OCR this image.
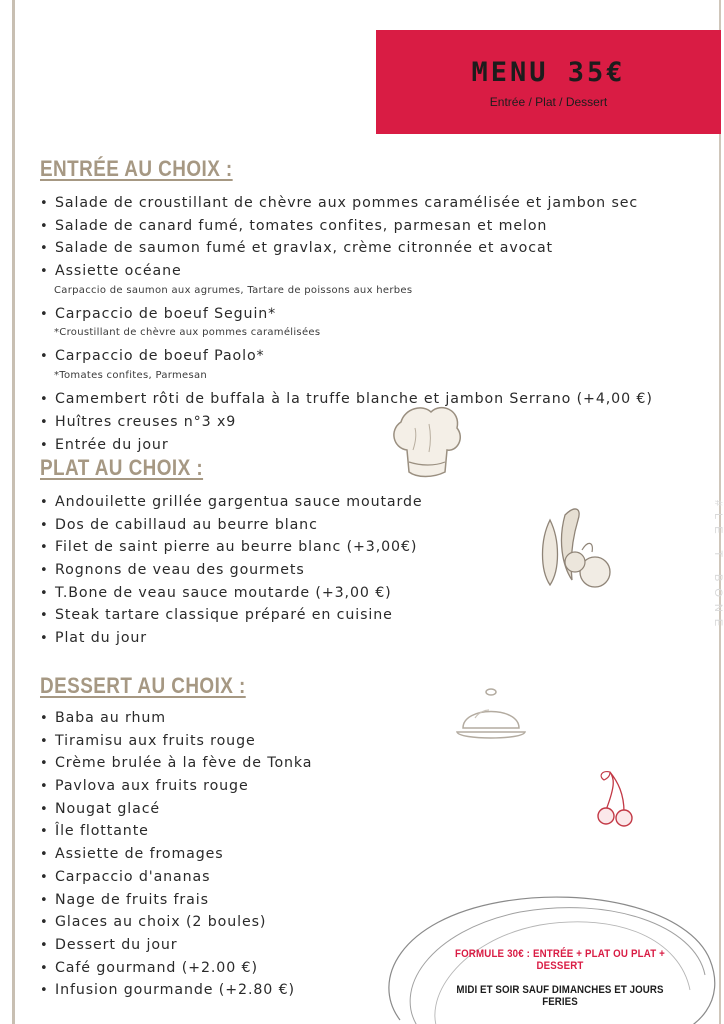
MENU 35€
Entrée / Plat / Dessert
#LE T BONE
ENTRÉE AU CHOIX :
• Salade de croustillant de chèvre aux pommes caramélisée et jambon sec
• Salade de canard fumé, tomates confites, parmesan et melon
• Salade de saumon fumé et gravlax, crème citronnée et avocat
• Assiette océane
Carpaccio de saumon aux agrumes, Tartare de poissons aux herbes
• Carpaccio de boeuf Seguin*
*Croustillant de chèvre aux pommes caramélisées
• Carpaccio de boeuf Paolo*
*Tomates confites, Parmesan
• Camembert rôti de buffala à la truffe blanche et jambon Serrano (+4,00 €)
• Huîtres creuses n°3 x9
• Entrée du jour
PLAT AU CHOIX :
• Andouilette grillée gargentua sauce moutarde
• Dos de cabillaud au beurre blanc
• Filet de saint pierre au beurre blanc (+3,00€)
• Rognons de veau des gourmets
• T.Bone de veau sauce moutarde (+3,00 €)
• Steak tartare classique préparé en cuisine
• Plat du jour
DESSERT AU CHOIX :
• Baba au rhum
• Tiramisu aux fruits rouge
• Crème brulée à la fève de Tonka
• Pavlova aux fruits rouge
• Nougat glacé
• Île flottante
• Assiette de fromages
• Carpaccio d'ananas
• Nage de fruits frais
• Glaces au choix (2 boules)
• Dessert du jour
• Café gourmand (+2.00 €)
• Infusion gourmande (+2.80 €)
FORMULE 30€ : ENTRÉE + PLAT OU PLAT + DESSERT
MIDI ET SOIR SAUF DIMANCHES ET JOURS FERIES
